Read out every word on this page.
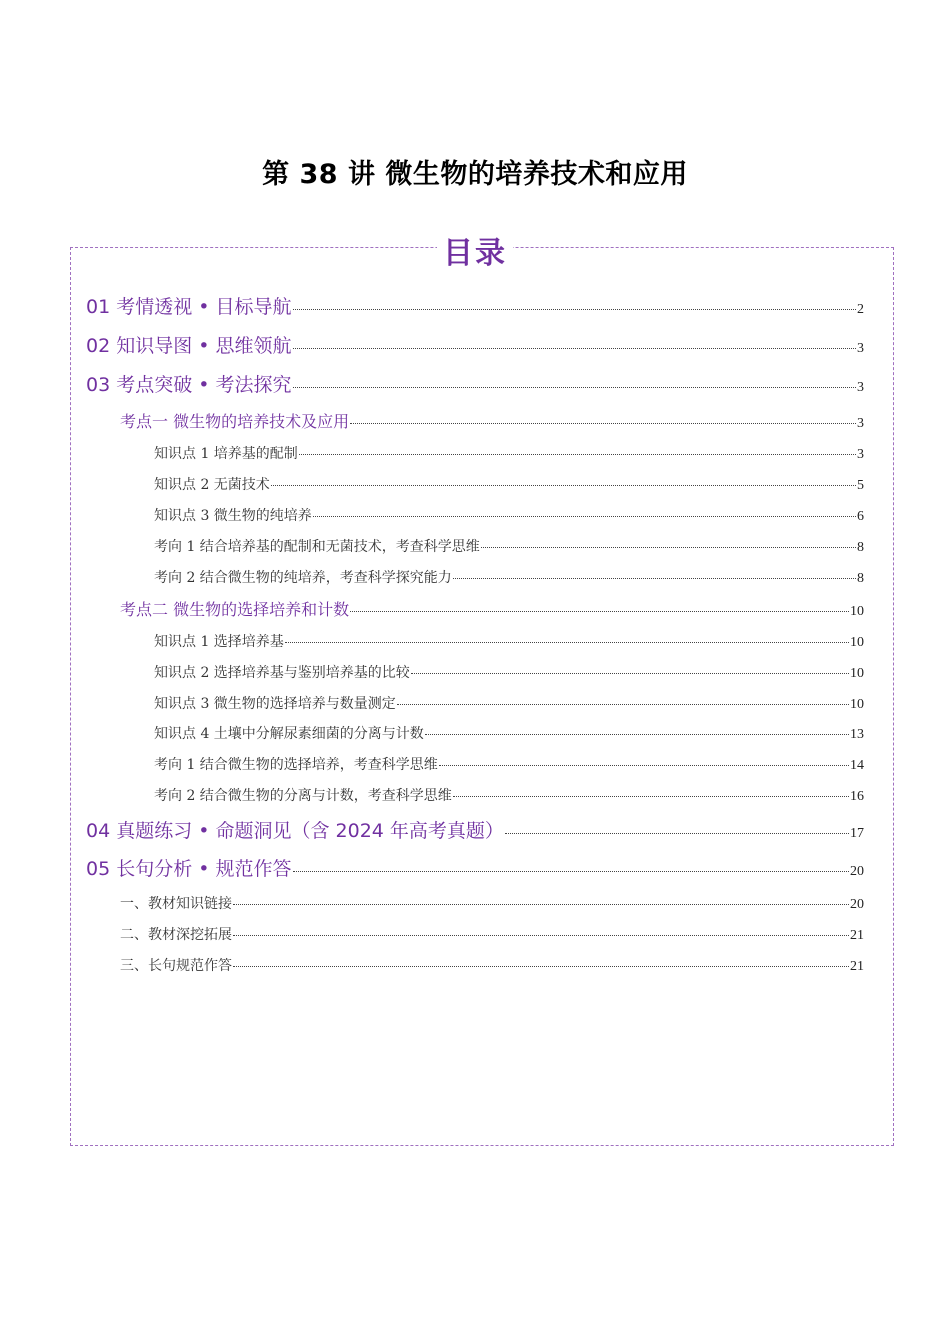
第 38 讲 微生物的培养技术和应用
目录
01 考情透视 • 目标导航	2
02 知识导图 • 思维领航	3
03 考点突破 • 考法探究	3
考点一 微生物的培养技术及应用	3
知识点 1 培养基的配制	3
知识点 2 无菌技术	5
知识点 3 微生物的纯培养	6
考向 1 结合培养基的配制和无菌技术，考查科学思维	8
考向 2 结合微生物的纯培养，考查科学探究能力	8
考点二 微生物的选择培养和计数	10
知识点 1 选择培养基	10
知识点 2 选择培养基与鉴别培养基的比较	10
知识点 3 微生物的选择培养与数量测定	10
知识点 4 土壤中分解尿素细菌的分离与计数	13
考向 1 结合微生物的选择培养，考查科学思维	14
考向 2 结合微生物的分离与计数，考查科学思维	16
04 真题练习 • 命题洞见（含 2024 年高考真题）	17
05 长句分析 • 规范作答	20
一、教材知识链接	20
二、教材深挖拓展	21
三、长句规范作答	21
